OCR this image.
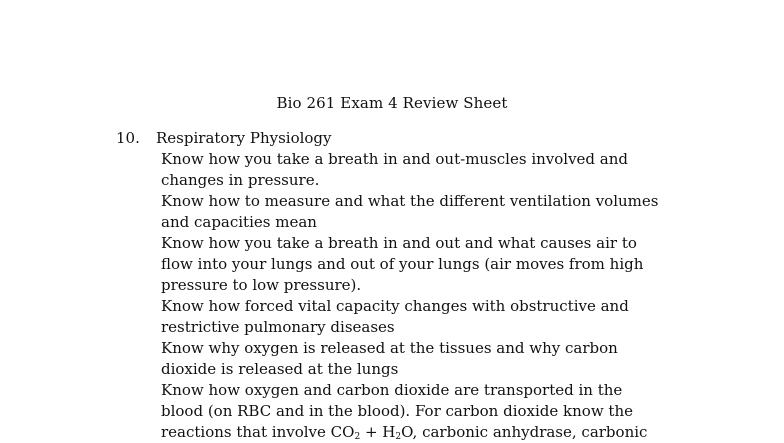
Bio 261 Exam 4 Review Sheet
10. Respiratory Physiology
Know how you take a breath in and out-muscles involved and
changes in pressure.
Know how to measure and what the different ventilation volumes
and capacities mean
Know how you take a breath in and out and what causes air to
flow into your lungs and out of your lungs (air moves from high
pressure to low pressure).
Know how forced vital capacity changes with obstructive and
restrictive pulmonary diseases
Know why oxygen is released at the tissues and why carbon
dioxide is released at the lungs
Know how oxygen and carbon dioxide are transported in the
blood (on RBC and in the blood). For carbon dioxide know the
reactions that involve $CO_2 + H_2O$, carbonic anhydrase, carbonic
